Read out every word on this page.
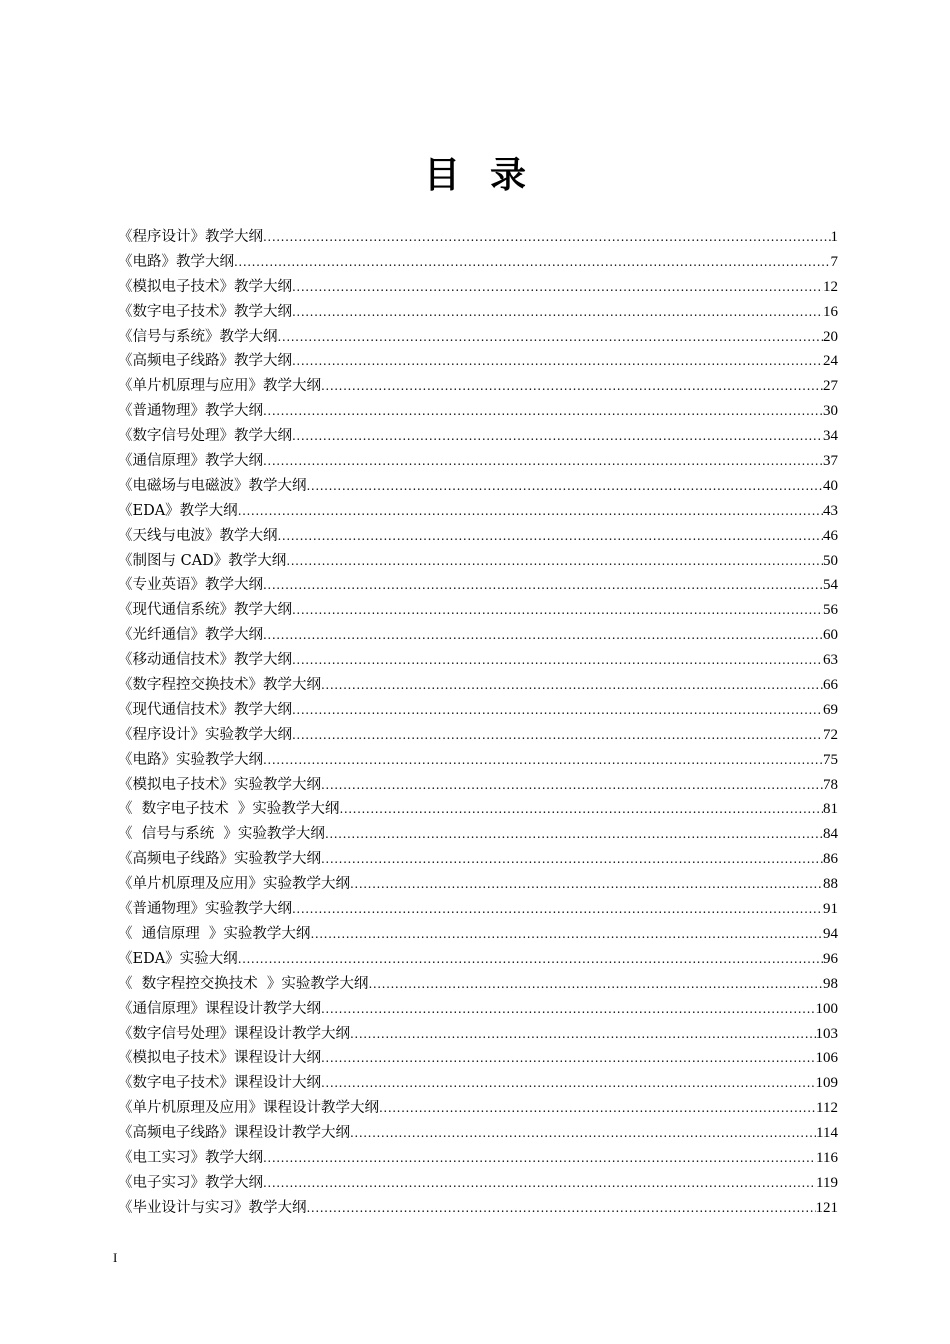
目录
《程序设计》教学大纲 .....	1
《电路》教学大纲 .....	7
《模拟电子技术》教学大纲 .....	12
《数字电子技术》教学大纲 .....	16
《信号与系统》教学大纲 .....	20
《高频电子线路》教学大纲 .....	24
《单片机原理与应用》教学大纲 .....	27
《普通物理》教学大纲 .....	30
《数字信号处理》教学大纲 .....	34
《通信原理》教学大纲 .....	37
《电磁场与电磁波》教学大纲 .....	40
《EDA》教学大纲 .....	43
《天线与电波》教学大纲 .....	46
《制图与 CAD》教学大纲 .....	50
《专业英语》教学大纲 .....	54
《现代通信系统》教学大纲 .....	56
《光纤通信》教学大纲 .....	60
《移动通信技术》教学大纲 .....	63
《数字程控交换技术》教学大纲 .....	66
《现代通信技术》教学大纲 .....	69
《程序设计》实验教学大纲 .....	72
《电路》实验教学大纲 .....	75
《模拟电子技术》实验教学大纲 .....	78
《  数字电子技术  》实验教学大纲 .....	81
《  信号与系统  》实验教学大纲 .....	84
《高频电子线路》实验教学大纲 .....	86
《单片机原理及应用》实验教学大纲 .....	88
《普通物理》实验教学大纲 .....	91
《  通信原理  》实验教学大纲 .....	94
《EDA》实验大纲 .....	96
《  数字程控交换技术  》实验教学大纲 .....	98
《通信原理》课程设计教学大纲 .....	100
《数字信号处理》课程设计教学大纲 .....	103
《模拟电子技术》课程设计大纲 .....	106
《数字电子技术》课程设计大纲 .....	109
《单片机原理及应用》课程设计教学大纲 .....	112
《高频电子线路》课程设计教学大纲 .....	114
《电工实习》教学大纲 .....	116
《电子实习》教学大纲 .....	119
《毕业设计与实习》教学大纲 .....	121
I
